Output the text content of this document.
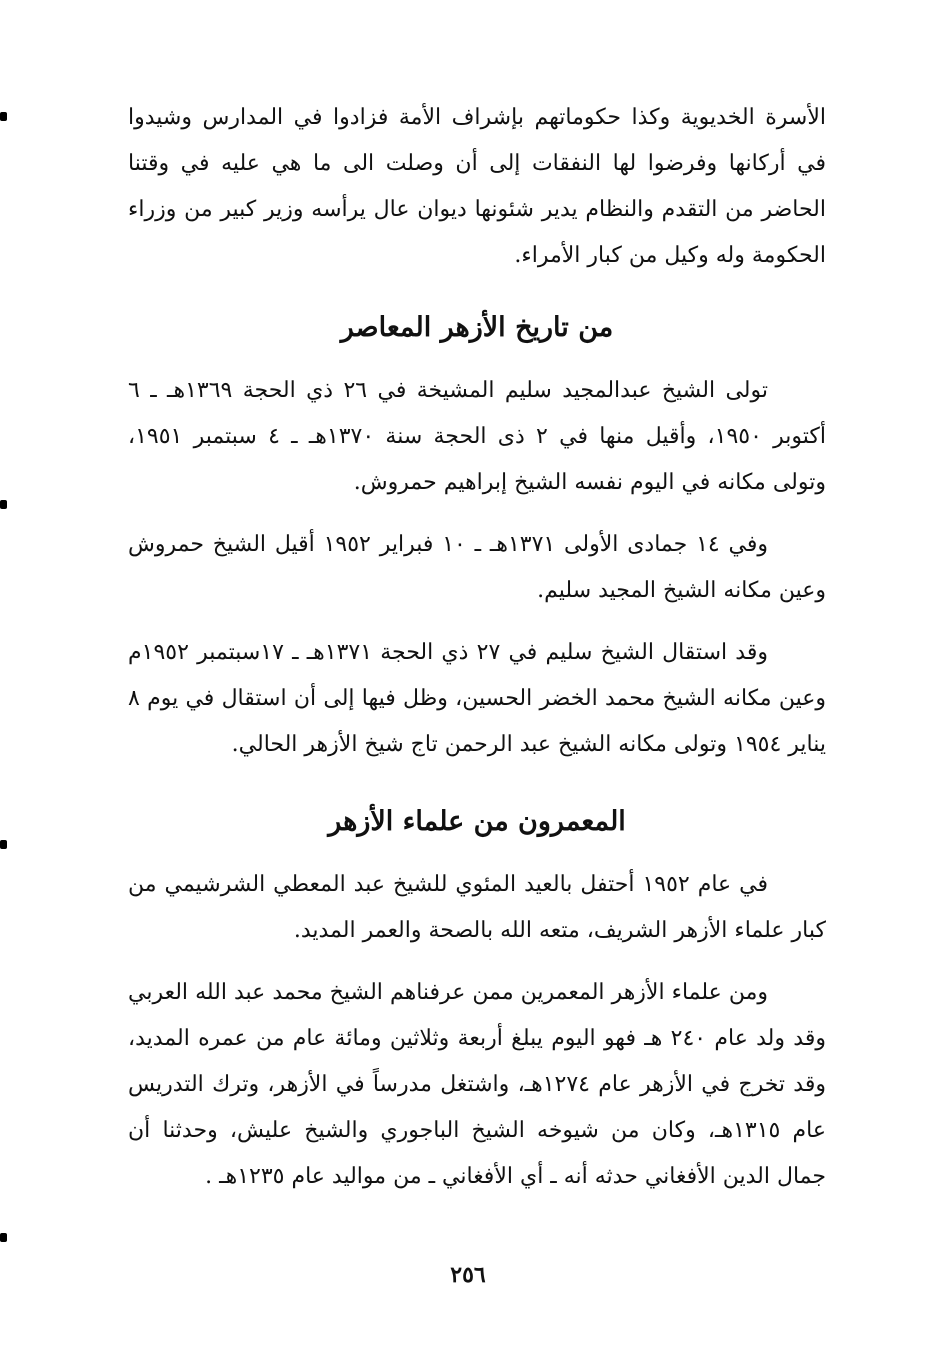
الأسرة الخديوية وكذا حكوماتهم بإشراف الأمة فزادوا في المدارس وشيدوا في أركانها وفرضوا لها النفقات إلى أن وصلت الى ما هي عليه في وقتنا الحاضر من التقدم والنظام يدير شئونها ديوان عال يرأسه وزير كبير من وزراء الحكومة وله وكيل من كبار الأمراء.

من تاريخ الأزهر المعاصر

تولى الشيخ عبدالمجيد سليم المشيخة في ٢٦ ذي الحجة ١٣٦٩هـ ـ ٦ أكتوبر ١٩٥٠، وأقيل منها في ٢ ذى الحجة سنة ١٣٧٠هـ ـ ٤ سبتمبر ١٩٥١، وتولى مكانه في اليوم نفسه الشيخ إبراهيم حمروش.

وفي ١٤ جمادى الأولى ١٣٧١هـ ـ ١٠ فبراير ١٩٥٢ أقيل الشيخ حمروش وعين مكانه الشيخ المجيد سليم.

وقد استقال الشيخ سليم في ٢٧ ذي الحجة ١٣٧١هـ ـ ١٧سبتمبر ١٩٥٢م وعين مكانه الشيخ محمد الخضر الحسين، وظل فيها إلى أن استقال في يوم ٨ يناير ١٩٥٤ وتولى مكانه الشيخ عبد الرحمن تاج شيخ الأزهر الحالي.

المعمرون من علماء الأزهر

في عام ١٩٥٢ أحتفل بالعيد المئوي للشيخ عبد المعطي الشرشيمي من كبار علماء الأزهر الشريف، متعه الله بالصحة والعمر المديد.

ومن علماء الأزهر المعمرين ممن عرفناهم الشيخ محمد عبد الله العربي وقد ولد عام ٢٤٠ هـ فهو اليوم يبلغ أربعة وثلاثين ومائة عام من عمره المديد، وقد تخرج في الأزهر عام ١٢٧٤هـ، واشتغل مدرساً في الأزهر، وترك التدريس عام ١٣١٥هـ، وكان من شيوخه الشيخ الباجوري والشيخ عليش، وحدثنا أن جمال الدين الأفغاني حدثه أنه ـ أي الأفغاني ـ من مواليد عام ١٢٣٥هـ .

٢٥٦
